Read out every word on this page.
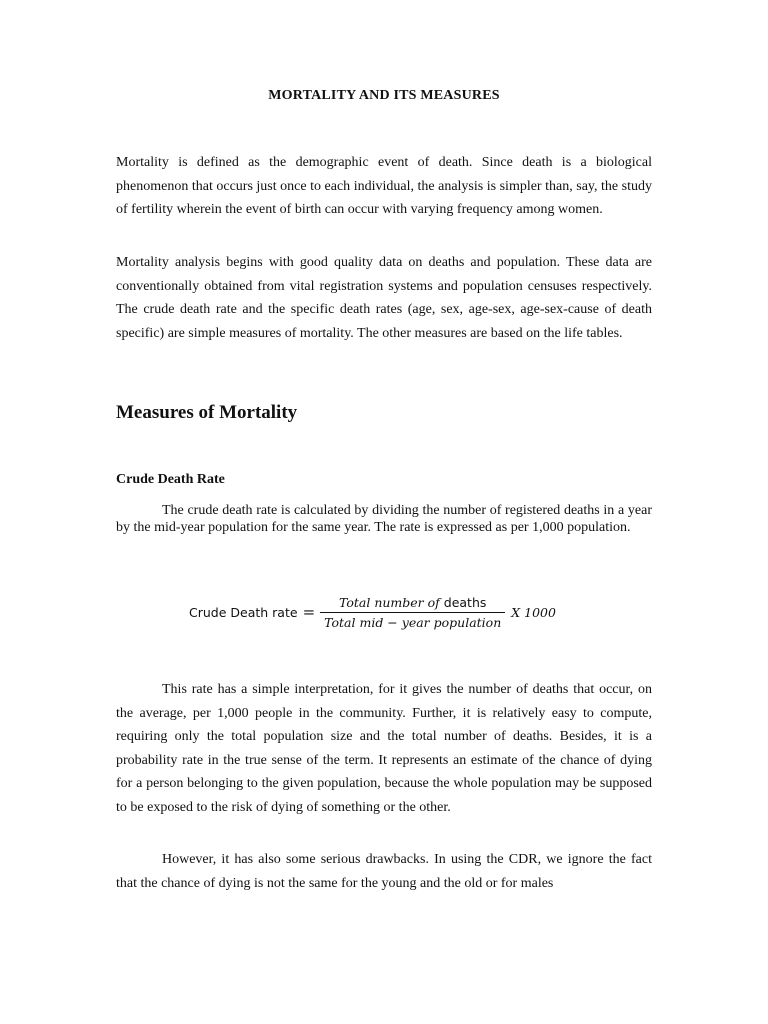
MORTALITY AND ITS MEASURES

Mortality is defined as the demographic event of death. Since death is a biological phenomenon that occurs just once to each individual, the analysis is simpler than, say, the study of fertility wherein the event of birth can occur with varying frequency among women.

Mortality analysis begins with good quality data on deaths and population. These data are conventionally obtained from vital registration systems and population censuses respectively. The crude death rate and the specific death rates (age, sex, age-sex, age-sex-cause of death specific) are simple measures of mortality. The other measures are based on the life tables.

Measures of Mortality
Crude Death Rate

The crude death rate is calculated by dividing the number of registered deaths in a year by the mid-year population for the same year. The rate is expressed as per 1,000 population.

Crude Death rate = $\frac{\text{Total number of deaths}}{\text{Total mid − year population}}$ X 1000

This rate has a simple interpretation, for it gives the number of deaths that occur, on the average, per 1,000 people in the community. Further, it is relatively easy to compute, requiring only the total population size and the total number of deaths. Besides, it is a probability rate in the true sense of the term. It represents an estimate of the chance of dying for a person belonging to the given population, because the whole population may be supposed to be exposed to the risk of dying of something or the other.

However, it has also some serious drawbacks. In using the CDR, we ignore the fact that the chance of dying is not the same for the young and the old or for males
